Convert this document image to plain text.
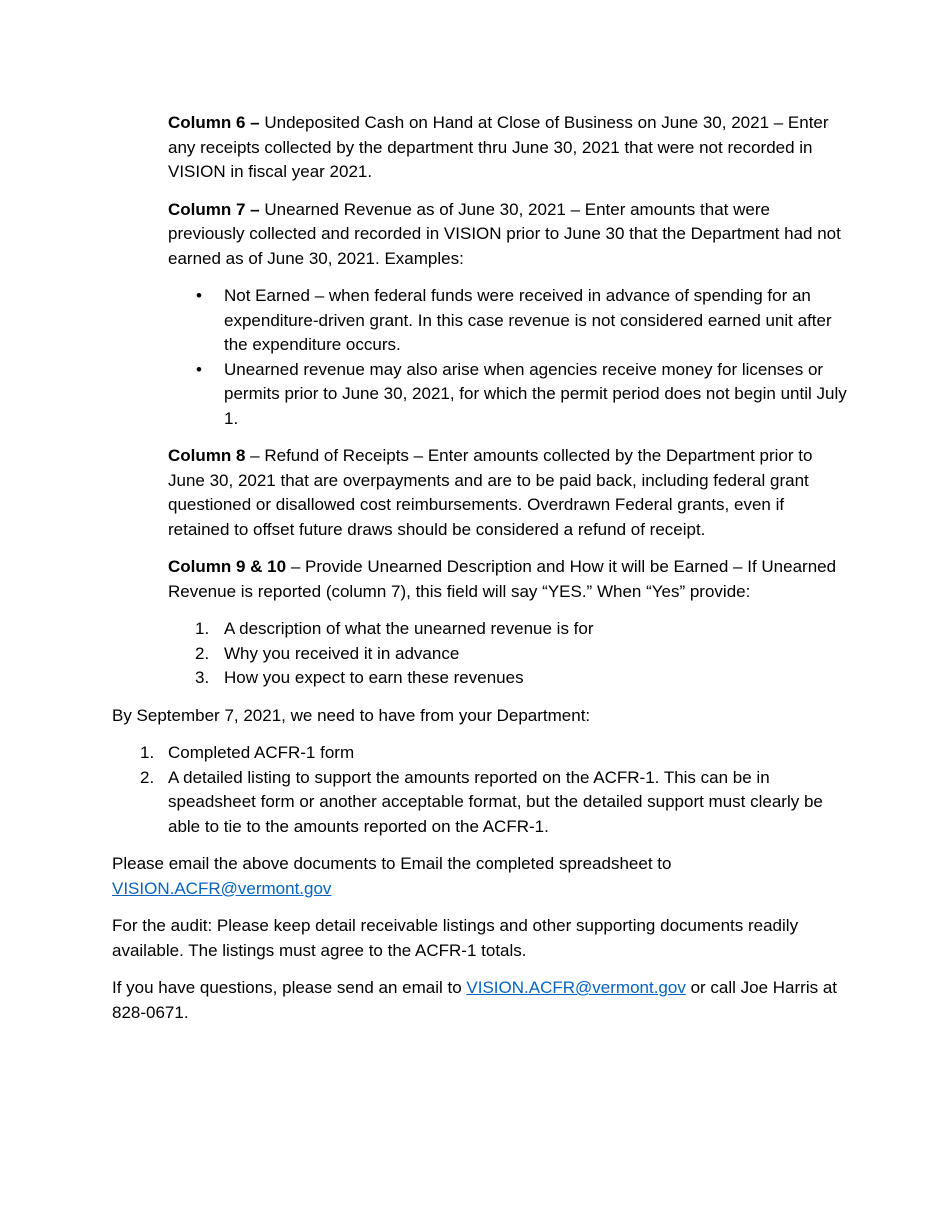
Column 6 – Undeposited Cash on Hand at Close of Business on June 30, 2021 – Enter any receipts collected by the department thru June 30, 2021 that were not recorded in VISION in fiscal year 2021.

Column 7 – Unearned Revenue as of June 30, 2021 – Enter amounts that were previously collected and recorded in VISION prior to June 30 that the Department had not earned as of June 30, 2021. Examples:

• Not Earned – when federal funds were received in advance of spending for an expenditure-driven grant. In this case revenue is not considered earned unit after the expenditure occurs.
• Unearned revenue may also arise when agencies receive money for licenses or permits prior to June 30, 2021, for which the permit period does not begin until July 1.

Column 8 – Refund of Receipts – Enter amounts collected by the Department prior to June 30, 2021 that are overpayments and are to be paid back, including federal grant questioned or disallowed cost reimbursements. Overdrawn Federal grants, even if retained to offset future draws should be considered a refund of receipt.

Column 9 & 10 – Provide Unearned Description and How it will be Earned – If Unearned Revenue is reported (column 7), this field will say “YES.” When “Yes” provide:

1. A description of what the unearned revenue is for
2. Why you received it in advance
3. How you expect to earn these revenues

By September 7, 2021, we need to have from your Department:

1. Completed ACFR-1 form
2. A detailed listing to support the amounts reported on the ACFR-1. This can be in speadsheet form or another acceptable format, but the detailed support must clearly be able to tie to the amounts reported on the ACFR-1.

Please email the above documents to Email the completed spreadsheet to VISION.ACFR@vermont.gov

For the audit: Please keep detail receivable listings and other supporting documents readily available. The listings must agree to the ACFR-1 totals.

If you have questions, please send an email to VISION.ACFR@vermont.gov or call Joe Harris at 828-0671.
